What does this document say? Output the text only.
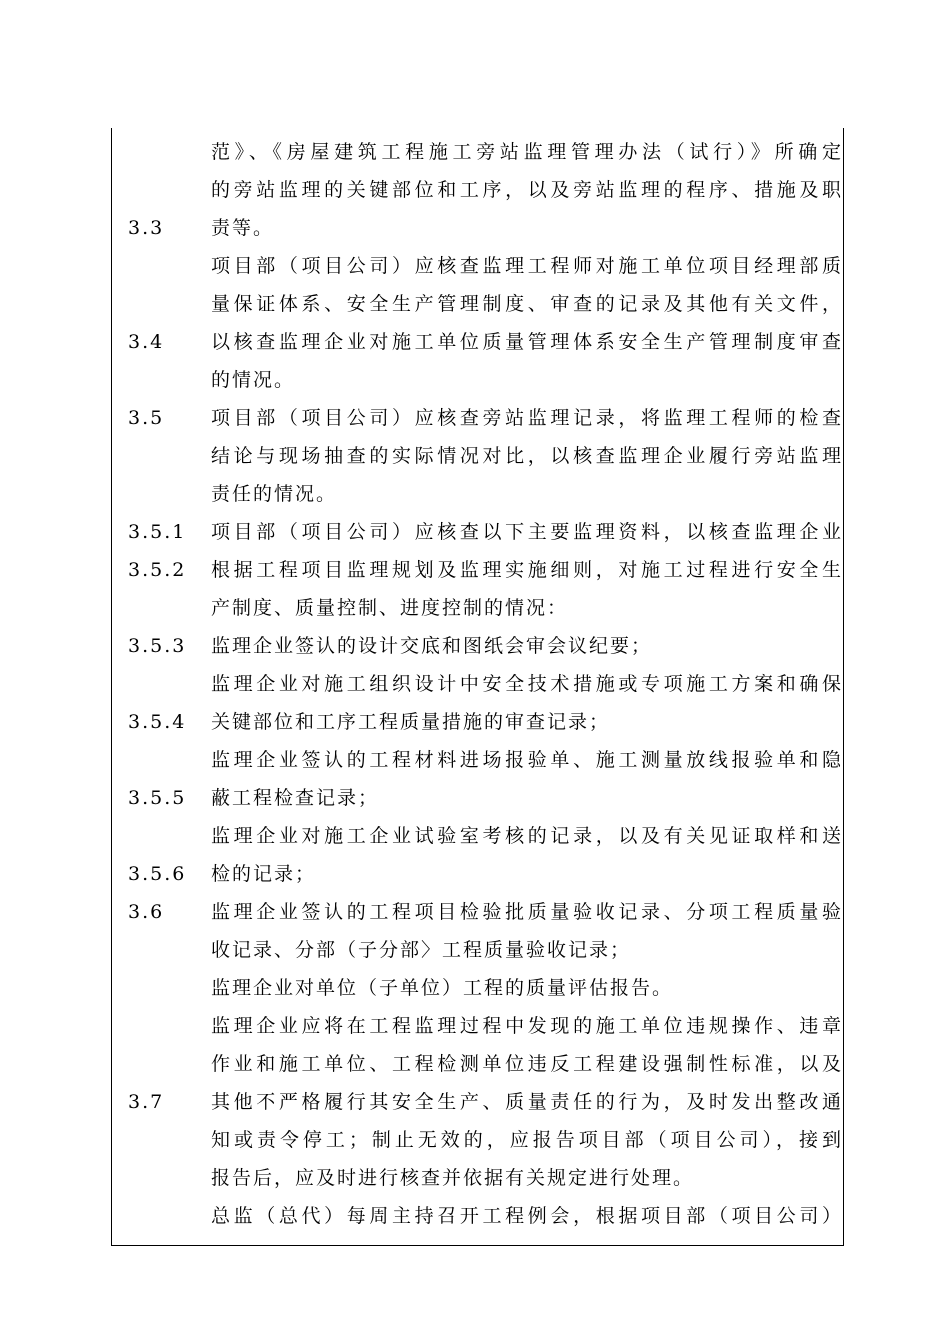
3.3
3.4
3.5
3.5.1
3.5.2
3.5.3
3.5.4
3.5.5
3.5.6
3.6
3.7
范》、《房屋建筑工程施工旁站监理管理办法（试行）》所确定
的旁站监理的关键部位和工序，以及旁站监理的程序、措施及职
责等。
项目部（项目公司）应核查监理工程师对施工单位项目经理部质
量保证体系、安全生产管理制度、审查的记录及其他有关文件，
以核查监理企业对施工单位质量管理体系安全生产管理制度审查
的情况。
项目部（项目公司）应核查旁站监理记录，将监理工程师的检查
结论与现场抽查的实际情况对比，以核查监理企业履行旁站监理
责任的情况。
项目部（项目公司）应核查以下主要监理资料，以核查监理企业
根据工程项目监理规划及监理实施细则，对施工过程进行安全生
产制度、质量控制、进度控制的情况：
监理企业签认的设计交底和图纸会审会议纪要；
监理企业对施工组织设计中安全技术措施或专项施工方案和确保
关键部位和工序工程质量措施的审查记录；
监理企业签认的工程材料进场报验单、施工测量放线报验单和隐
蔽工程检查记录；
监理企业对施工企业试验室考核的记录，以及有关见证取样和送
检的记录；
监理企业签认的工程项目检验批质量验收记录、分项工程质量验
收记录、分部（子分部〉工程质量验收记录；
监理企业对单位（子单位）工程的质量评估报告。
监理企业应将在工程监理过程中发现的施工单位违规操作、违章
作业和施工单位、工程检测单位违反工程建设强制性标准，以及
其他不严格履行其安全生产、质量责任的行为，及时发出整改通
知或责令停工；制止无效的，应报告项目部（项目公司），接到
报告后，应及时进行核查并依据有关规定进行处理。
总监（总代）每周主持召开工程例会，根据项目部（项目公司）
